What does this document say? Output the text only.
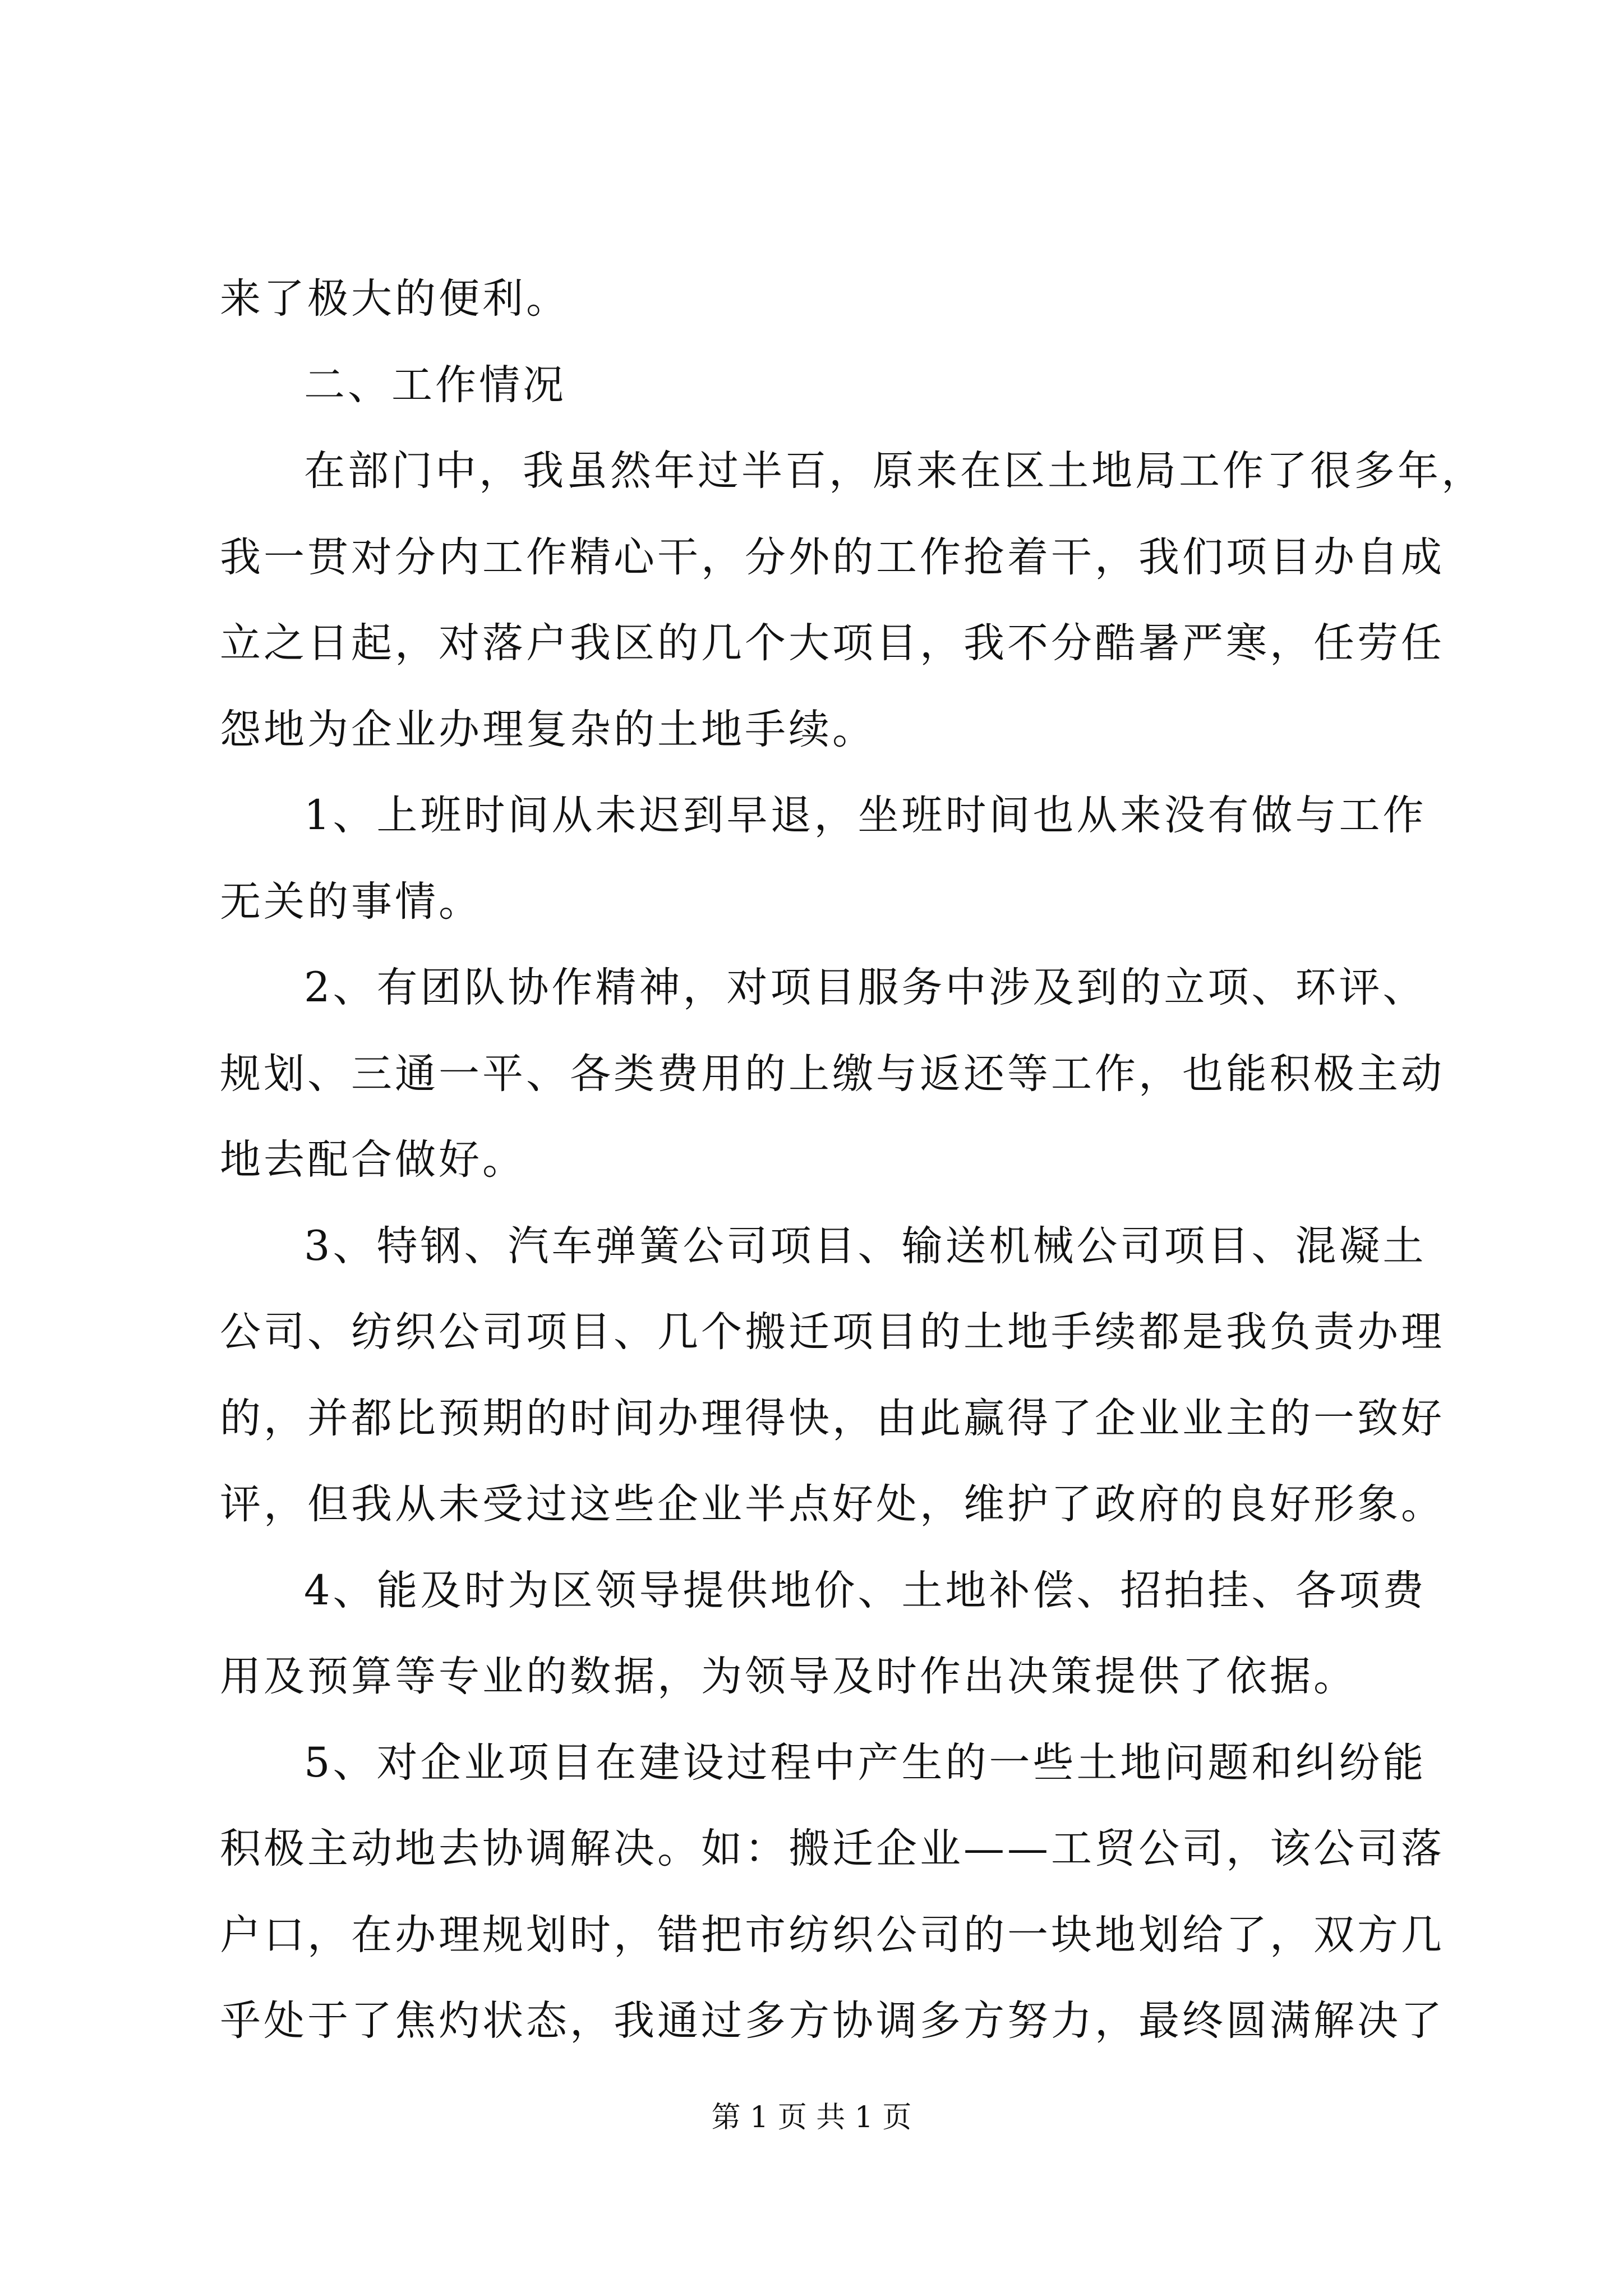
来了极大的便利。
二、工作情况
在部门中，我虽然年过半百，原来在区土地局工作了很多年，
我一贯对分内工作精心干，分外的工作抢着干，我们项目办自成
立之日起，对落户我区的几个大项目，我不分酷暑严寒，任劳任
怨地为企业办理复杂的土地手续。
1、上班时间从未迟到早退，坐班时间也从来没有做与工作
无关的事情。
2、有团队协作精神，对项目服务中涉及到的立项、环评、
规划、三通一平、各类费用的上缴与返还等工作，也能积极主动
地去配合做好。
3、特钢、汽车弹簧公司项目、输送机械公司项目、混凝土
公司、纺织公司项目、几个搬迁项目的土地手续都是我负责办理
的，并都比预期的时间办理得快，由此赢得了企业业主的一致好
评，但我从未受过这些企业半点好处，维护了政府的良好形象。
4、能及时为区领导提供地价、土地补偿、招拍挂、各项费
用及预算等专业的数据，为领导及时作出决策提供了依据。
5、对企业项目在建设过程中产生的一些土地问题和纠纷能
积极主动地去协调解决。如：搬迁企业——工贸公司，该公司落
户口，在办理规划时，错把市纺织公司的一块地划给了，双方几
乎处于了焦灼状态，我通过多方协调多方努力，最终圆满解决了
第 1 页 共 1 页
